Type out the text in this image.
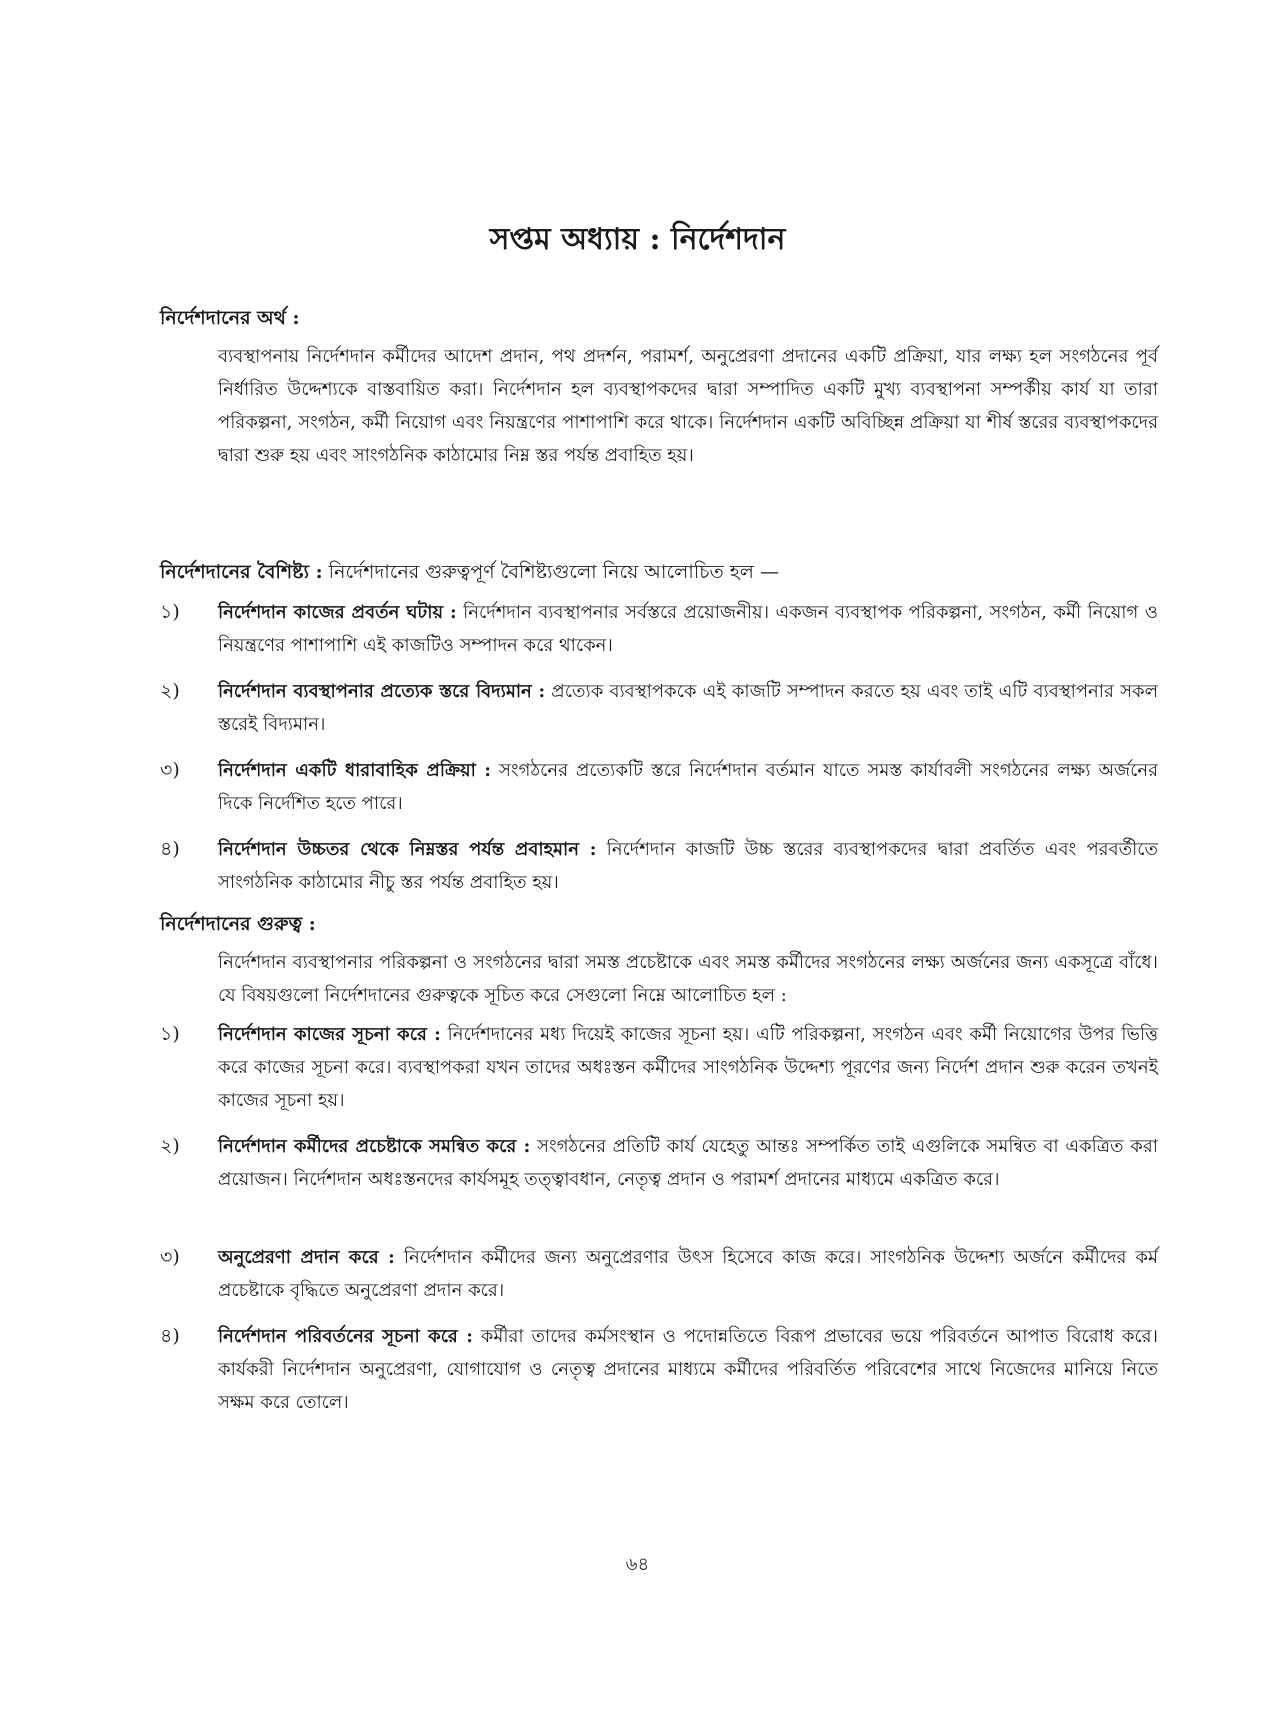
সপ্তম অধ্যায় : নির্দেশদান
নির্দেশদানের অর্থ :
ব্যবস্থাপনায় নির্দেশদান কর্মীদের আদেশ প্রদান, পথ প্রদর্শন, পরামর্শ, অনুপ্রেরণা প্রদানের একটি প্রক্রিয়া, যার লক্ষ্য হল সংগঠনের পূর্ব নির্ধারিত উদ্দেশ্যকে বাস্তবায়িত করা। নির্দেশদান হল ব্যবস্থাপকদের দ্বারা সম্পাদিত একটি মুখ্য ব্যবস্থাপনা সম্পর্কীয় কার্য যা তারা পরিকল্পনা, সংগঠন, কর্মী নিয়োগ এবং নিয়ন্ত্রণের পাশাপাশি করে থাকে। নির্দেশদান একটি অবিচ্ছিন্ন প্রক্রিয়া যা শীর্ষ স্তরের ব্যবস্থাপকদের দ্বারা শুরু হয় এবং সাংগঠনিক কাঠামোর নিম্ন স্তর পর্যন্ত প্রবাহিত হয়।
নির্দেশদানের বৈশিষ্ট্য : নির্দেশদানের গুরুত্বপূর্ণ বৈশিষ্ট্যগুলো নিয়ে আলোচিত হল —
১)	নির্দেশদান কাজের প্রবর্তন ঘটায় : নির্দেশদান ব্যবস্থাপনার সর্বস্তরে প্রয়োজনীয়। একজন ব্যবস্থাপক পরিকল্পনা, সংগঠন, কর্মী নিয়োগ ও নিয়ন্ত্রণের পাশাপাশি এই কাজটিও সম্পাদন করে থাকেন।
২)	নির্দেশদান ব্যবস্থাপনার প্রত্যেক স্তরে বিদ্যমান : প্রত্যেক ব্যবস্থাপককে এই কাজটি সম্পাদন করতে হয় এবং তাই এটি ব্যবস্থাপনার সকল স্তরেই বিদ্যমান।
৩)	নির্দেশদান একটি ধারাবাহিক প্রক্রিয়া : সংগঠনের প্রত্যেকটি স্তরে নির্দেশদান বর্তমান যাতে সমস্ত কার্যাবলী সংগঠনের লক্ষ্য অর্জনের দিকে নির্দেশিত হতে পারে।
৪)	নির্দেশদান উচ্চতর থেকে নিম্নস্তর পর্যন্ত প্রবাহমান : নির্দেশদান কাজটি উচ্চ স্তরের ব্যবস্থাপকদের দ্বারা প্রবর্তিত এবং পরবর্তীতে সাংগঠনিক কাঠামোর নীচু স্তর পর্যন্ত প্রবাহিত হয়।
নির্দেশদানের গুরুত্ব :
নির্দেশদান ব্যবস্থাপনার পরিকল্পনা ও সংগঠনের দ্বারা সমস্ত প্রচেষ্টাকে এবং সমস্ত কর্মীদের সংগঠনের লক্ষ্য অর্জনের জন্য একসূত্রে বাঁধে। যে বিষয়গুলো নির্দেশদানের গুরুত্বকে সূচিত করে সেগুলো নিম্নে আলোচিত হল :
১)	নির্দেশদান কাজের সূচনা করে : নির্দেশদানের মধ্য দিয়েই কাজের সূচনা হয়। এটি পরিকল্পনা, সংগঠন এবং কর্মী নিয়োগের উপর ভিত্তি করে কাজের সূচনা করে। ব্যবস্থাপকরা যখন তাদের অধঃস্তন কর্মীদের সাংগঠনিক উদ্দেশ্য পূরণের জন্য নির্দেশ প্রদান শুরু করেন তখনই কাজের সূচনা হয়।
২)	নির্দেশদান কর্মীদের প্রচেষ্টাকে সমন্বিত করে : সংগঠনের প্রতিটি কার্য যেহেতু আন্তঃ সম্পর্কিত তাই এগুলিকে সমন্বিত বা একত্রিত করা প্রয়োজন। নির্দেশদান অধঃস্তনদের কার্যসমূহ তত্ত্বাবধান, নেতৃত্ব প্রদান ও পরামর্শ প্রদানের মাধ্যমে একত্রিত করে।
৩)	অনুপ্রেরণা প্রদান করে : নির্দেশদান কর্মীদের জন্য অনুপ্রেরণার উৎস হিসেবে কাজ করে। সাংগঠনিক উদ্দেশ্য অর্জনে কর্মীদের কর্ম প্রচেষ্টাকে বৃদ্ধিতে অনুপ্রেরণা প্রদান করে।
৪)	নির্দেশদান পরিবর্তনের সূচনা করে : কর্মীরা তাদের কর্মসংস্থান ও পদোন্নতিতে বিরূপ প্রভাবের ভয়ে পরিবর্তনে আপাত বিরোধ করে। কার্যকরী নির্দেশদান অনুপ্রেরণা, যোগাযোগ ও নেতৃত্ব প্রদানের মাধ্যমে কর্মীদের পরিবর্তিত পরিবেশের সাথে নিজেদের মানিয়ে নিতে সক্ষম করে তোলে।
৬৪
